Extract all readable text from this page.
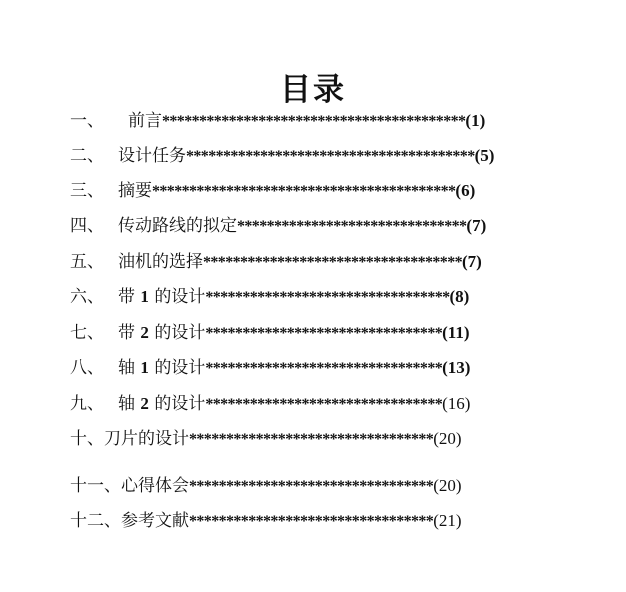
目录
一、 前言*****************************************(1)
二、 设计任务***************************************(5)
三、 摘要*****************************************(6)
四、 传动路线的拟定*******************************(7)
五、 油机的选择***********************************(7)
六、 带 1 的设计*********************************(8)
七、 带 2 的设计********************************(11)
八、 轴 1 的设计********************************(13)
九、 轴 2 的设计********************************(16)
十、刀片的设计*********************************(20)
十一、心得体会*********************************(20)
十二、参考文献*********************************(21)
